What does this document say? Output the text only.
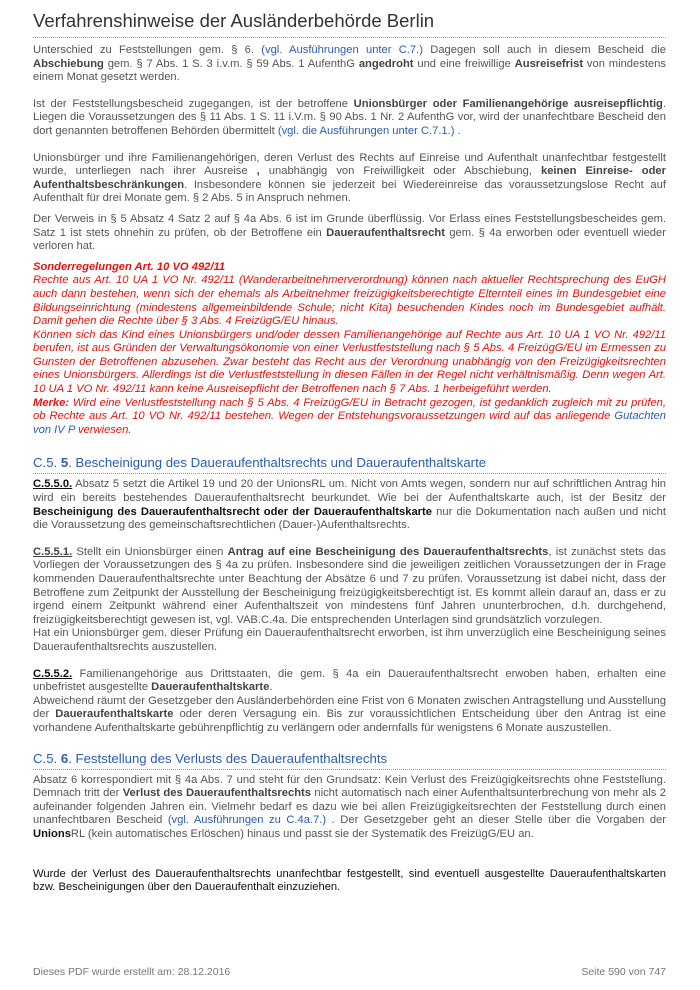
Verfahrenshinweise der Ausländerbehörde Berlin

Unterschied zu Feststellungen gem. § 6. (vgl. Ausführungen unter C.7.) Dagegen soll auch in diesem Bescheid die Abschiebung gem. § 7 Abs. 1 S. 3 i.v.m. § 59 Abs. 1 AufenthG angedroht und eine freiwillige Ausreisefrist von mindestens einem Monat gesetzt werden.

Ist der Feststellungsbescheid zugegangen, ist der betroffene Unionsbürger oder Familienangehörige ausreisepflichtig. Liegen die Voraussetzungen des § 11 Abs. 1 S. 11 i.V.m. § 90 Abs. 1 Nr. 2 AufenthG vor, wird der unanfechtbare Bescheid den dort genannten betroffenen Behörden übermittelt (vgl. die Ausführungen unter C.7.1.) .

Unionsbürger und ihre Familienangehörigen, deren Verlust des Rechts auf Einreise und Aufenthalt unanfechtbar festgestellt wurde, unterliegen nach ihrer Ausreise , unabhängig von Freiwilligkeit oder Abschiebung, keinen Einreise- oder Aufenthaltsbeschränkungen. Insbesondere können sie jederzeit bei Wiedereinreise das voraussetzungslose Recht auf Aufenthalt für drei Monate gem. § 2 Abs. 5 in Anspruch nehmen.

Der Verweis in § 5 Absatz 4 Satz 2 auf § 4a Abs. 6 ist im Grunde überflüssig. Vor Erlass eines Feststellungsbescheides gem. Satz 1 ist stets ohnehin zu prüfen, ob der Betroffene ein Daueraufenthaltsrecht gem. § 4a erworben oder eventuell wieder verloren hat.

Sonderregelungen Art. 10 VO 492/11

Rechte aus Art. 10 UA 1 VO Nr. 492/11 (Wanderarbeitnehmerverordnung) können nach aktueller Rechtsprechung des EuGH auch dann bestehen, wenn sich der ehemals als Arbeitnehmer freizügigkeitsberechtigte Elternteil eines im Bundesgebiet eine Bildungseinrichtung (mindestens allgemeinbildende Schule; nicht Kita) besuchenden Kindes noch im Bundesgebiet aufhält. Damit gehen die Rechte über § 3 Abs. 4 FreizügG/EU hinaus.

Können sich das Kind eines Unionsbürgers und/oder dessen Familienangehörige auf Rechte aus Art. 10 UA 1 VO Nr. 492/11 berufen, ist aus Gründen der Verwaltungsökonomie von einer Verlustfeststellung nach § 5 Abs. 4 FreizügG/EU im Ermessen zu Gunsten der Betroffenen abzusehen. Zwar besteht das Recht aus der Verordnung unabhängig von den Freizügigkeitsrechten eines Unionsbürgers. Allerdings ist die Verlustfeststellung in diesen Fällen in der Regel nicht verhältnismäßig. Denn wegen Art. 10 UA 1 VO Nr. 492/11 kann keine Ausreisepflicht der Betroffenen nach § 7 Abs. 1 herbeigeführt werden.

Merke: Wird eine Verlustfeststellung nach § 5 Abs. 4 FreizügG/EU in Betracht gezogen, ist gedanklich zugleich mit zu prüfen, ob Rechte aus Art. 10 VO Nr. 492/11 bestehen. Wegen der Entstehungsvoraussetzungen wird auf das anliegende Gutachten von IV P verwiesen.

C.5. 5. Bescheinigung des Daueraufenthaltsrechts und Daueraufenthaltskarte

C.5.5.0. Absatz 5 setzt die Artikel 19 und 20 der UnionsRL um. Nicht von Amts wegen, sondern nur auf schriftlichen Antrag hin wird ein bereits bestehendes Daueraufenthaltsrecht beurkundet. Wie bei der Aufenthaltskarte auch, ist der Besitz der Bescheinigung des Daueraufenthaltsrecht oder der Daueraufenthaltskarte nur die Dokumentation nach außen und nicht die Voraussetzung des gemeinschaftsrechtlichen (Dauer-)Aufenthaltsrechts.

C.5.5.1. Stellt ein Unionsbürger einen Antrag auf eine Bescheinigung des Daueraufenthaltsrechts, ist zunächst stets das Vorliegen der Voraussetzungen des § 4a zu prüfen. Insbesondere sind die jeweiligen zeitlichen Voraussetzungen der in Frage kommenden Daueraufenthaltsrechte unter Beachtung der Absätze 6 und 7 zu prüfen. Voraussetzung ist dabei nicht, dass der Betroffene zum Zeitpunkt der Ausstellung der Bescheinigung freizügigkeitsberechtigt ist. Es kommt allein darauf an, dass er zu irgend einem Zeitpunkt während einer Aufenthaltszeit von mindestens fünf Jahren ununterbrochen, d.h. durchgehend, freizügigkeitsberechtigt gewesen ist, vgl. VAB.C.4a. Die entsprechenden Unterlagen sind grundsätzlich vorzulegen.

Hat ein Unionsbürger gem. dieser Prüfung ein Daueraufenthaltsrecht erworben, ist ihm unverzüglich eine Bescheinigung seines Daueraufenthaltsrechts auszustellen.

C.5.5.2. Familienangehörige aus Drittstaaten, die gem. § 4a ein Daueraufenthaltsrecht erwoben haben, erhalten eine unbefristet ausgestellte Daueraufenthaltskarte.

Abweichend räumt der Gesetzgeber den Ausländerbehörden eine Frist von 6 Monaten zwischen Antragstellung und Ausstellung der Daueraufenthaltskarte oder deren Versagung ein. Bis zur voraussichtlichen Entscheidung über den Antrag ist eine vorhandene Aufenthaltskarte gebührenpflichtig zu verlängern oder andernfalls für wenigstens 6 Monate auszustellen.

C.5. 6. Feststellung des Verlusts des Daueraufenthaltsrechts

Absatz 6 korrespondiert mit § 4a Abs. 7 und steht für den Grundsatz: Kein Verlust des Freizügigkeitsrechts ohne Feststellung. Demnach tritt der Verlust des Daueraufenthaltsrechts nicht automatisch nach einer Aufenthaltsunterbrechung von mehr als 2 aufeinander folgenden Jahren ein. Vielmehr bedarf es dazu wie bei allen Freizügigkeitsrechten der Feststellung durch einen unanfechtbaren Bescheid (vgl. Ausführungen zu C.4a.7.) . Der Gesetzgeber geht an dieser Stelle über die Vorgaben der UnionsRL (kein automatisches Erlöschen) hinaus und passt sie der Systematik des FreizügG/EU an.

Wurde der Verlust des Daueraufenthaltsrechts unanfechtbar festgestellt, sind eventuell ausgestellte Daueraufenthaltskarten bzw. Bescheinigungen über den Daueraufenthalt einzuziehen.

Dieses PDF wurde erstellt am: 28.12.2016	Seite 590 von 747
